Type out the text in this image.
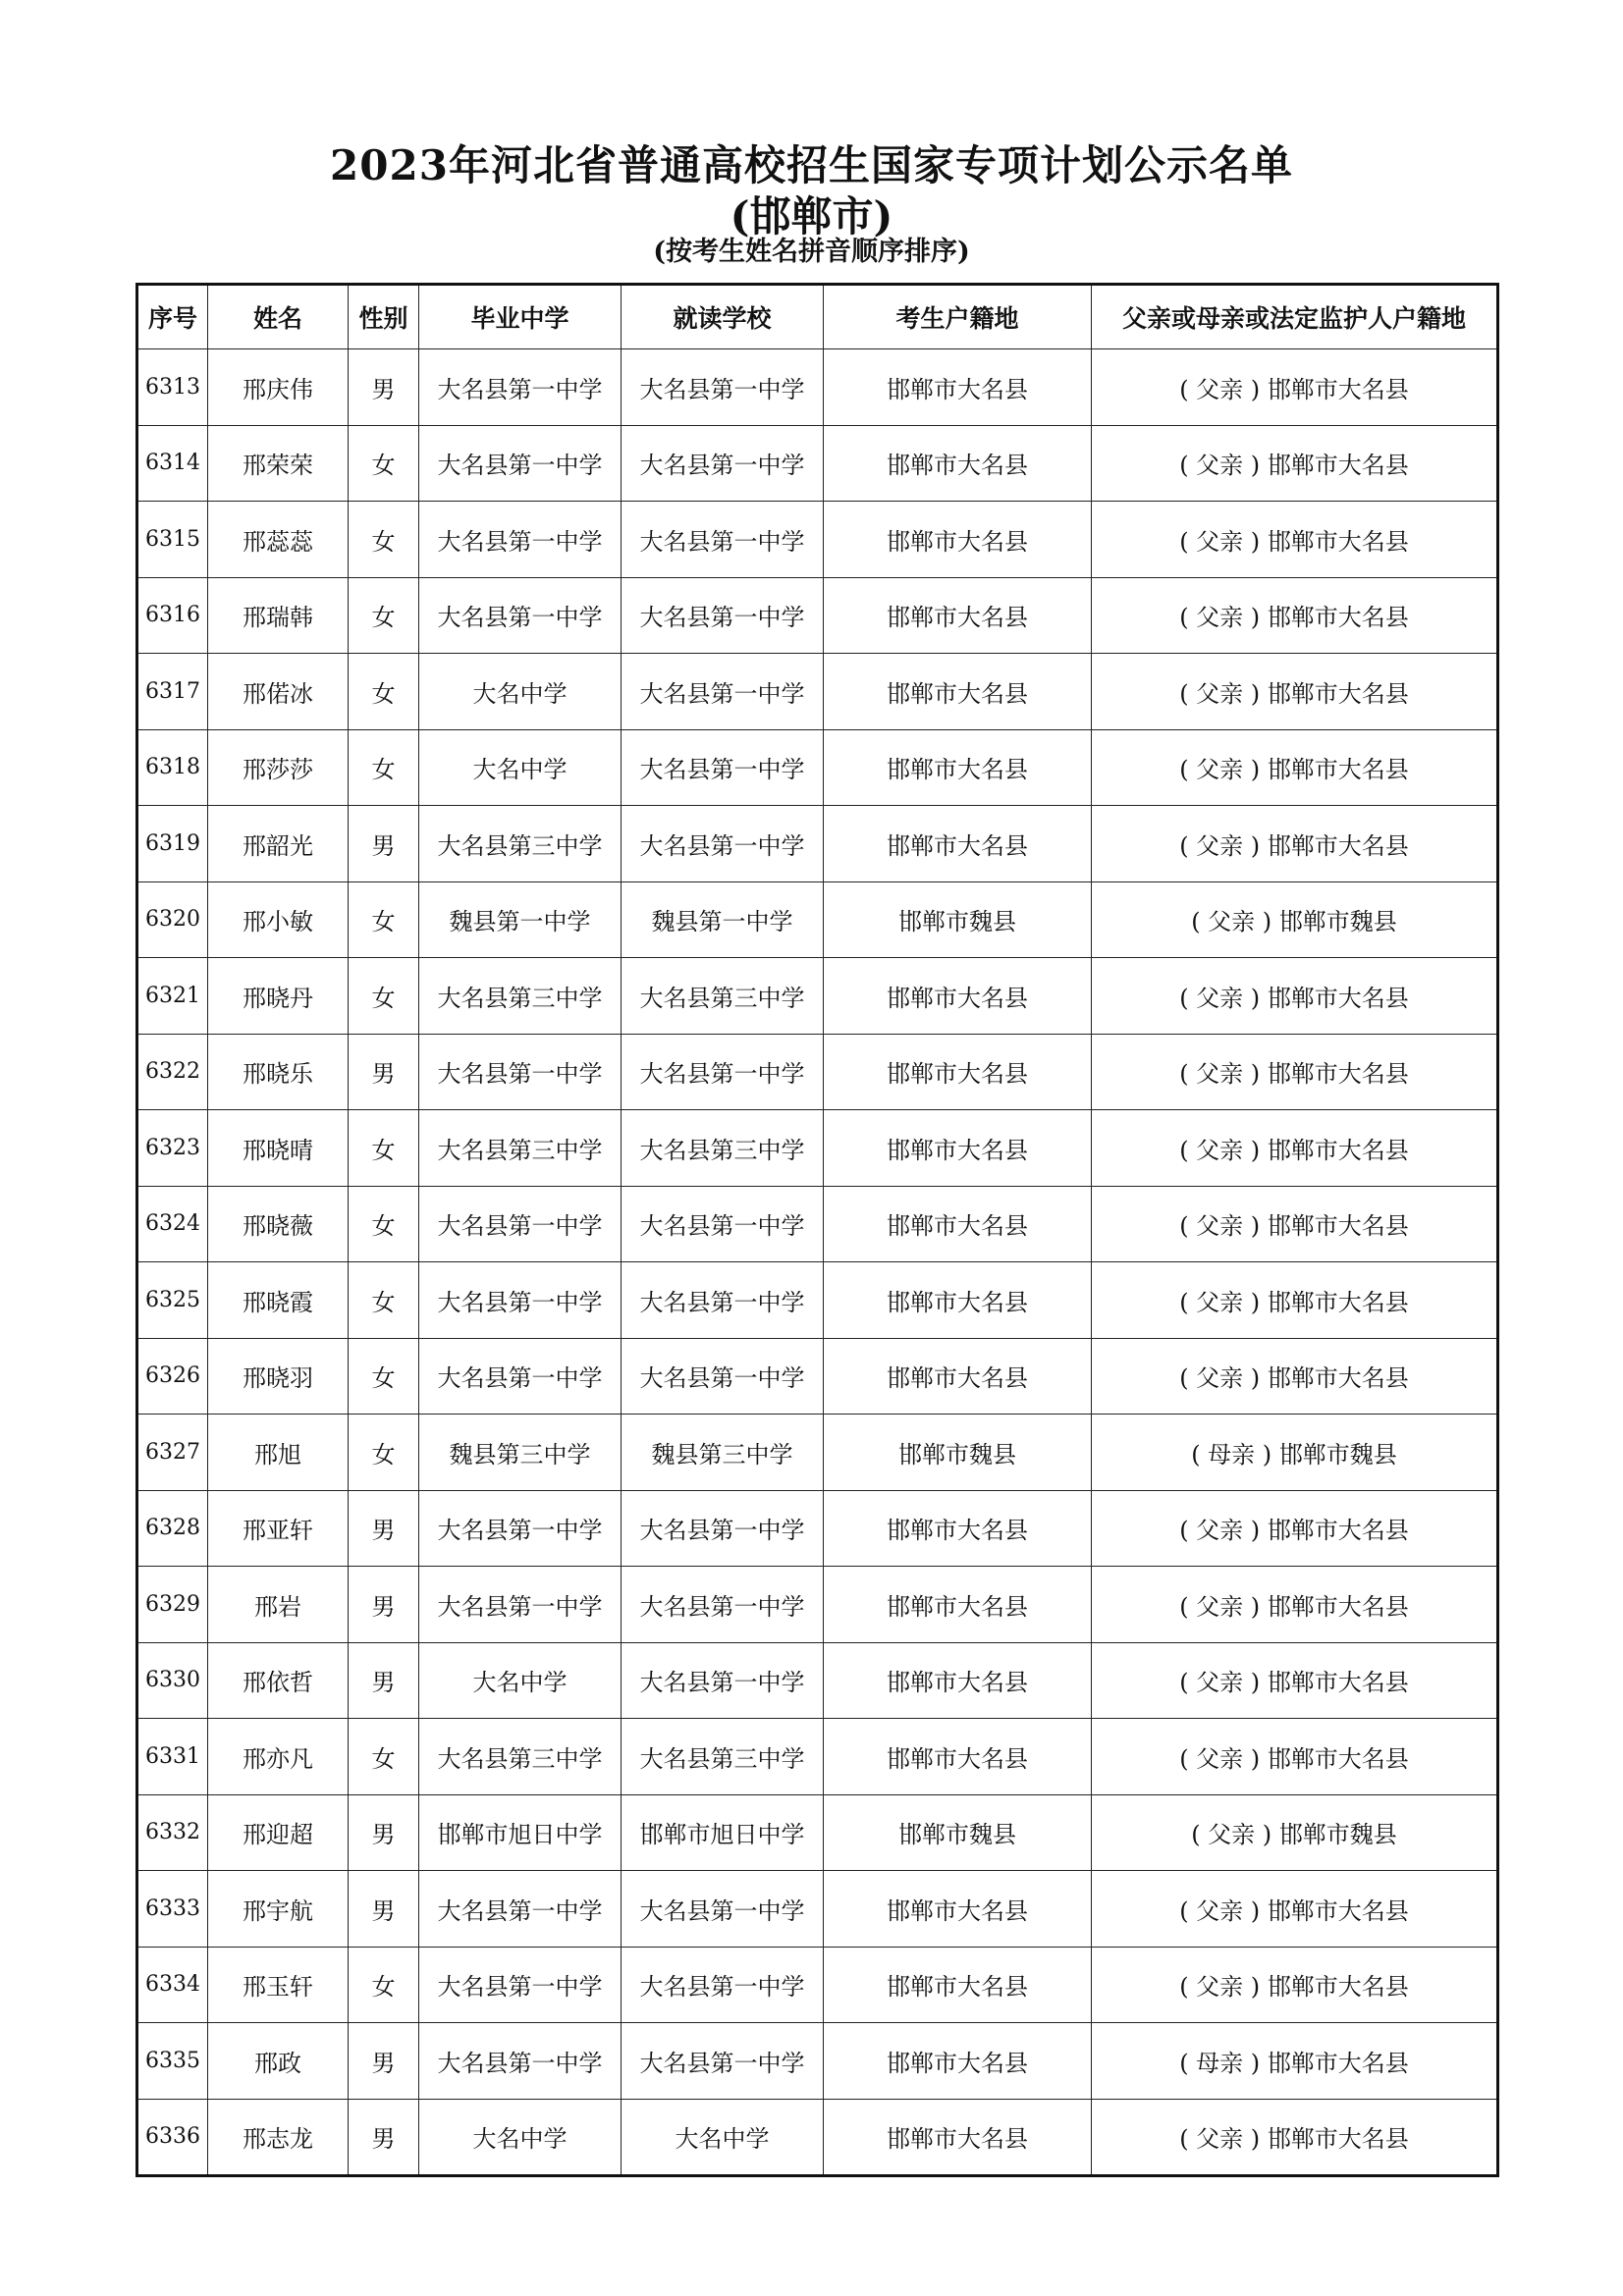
2023年河北省普通高校招生国家专项计划公示名单
(邯郸市)
(按考生姓名拼音顺序排序)
序号	姓名	性别	毕业中学	就读学校	考生户籍地	父亲或母亲或法定监护人户籍地
6313	邢庆伟	男	大名县第一中学	大名县第一中学	邯郸市大名县	( 父亲 ) 邯郸市大名县
6314	邢荣荣	女	大名县第一中学	大名县第一中学	邯郸市大名县	( 父亲 ) 邯郸市大名县
6315	邢蕊蕊	女	大名县第一中学	大名县第一中学	邯郸市大名县	( 父亲 ) 邯郸市大名县
6316	邢瑞韩	女	大名县第一中学	大名县第一中学	邯郸市大名县	( 父亲 ) 邯郸市大名县
6317	邢偌冰	女	大名中学	大名县第一中学	邯郸市大名县	( 父亲 ) 邯郸市大名县
6318	邢莎莎	女	大名中学	大名县第一中学	邯郸市大名县	( 父亲 ) 邯郸市大名县
6319	邢韶光	男	大名县第三中学	大名县第一中学	邯郸市大名县	( 父亲 ) 邯郸市大名县
6320	邢小敏	女	魏县第一中学	魏县第一中学	邯郸市魏县	( 父亲 ) 邯郸市魏县
6321	邢晓丹	女	大名县第三中学	大名县第三中学	邯郸市大名县	( 父亲 ) 邯郸市大名县
6322	邢晓乐	男	大名县第一中学	大名县第一中学	邯郸市大名县	( 父亲 ) 邯郸市大名县
6323	邢晓晴	女	大名县第三中学	大名县第三中学	邯郸市大名县	( 父亲 ) 邯郸市大名县
6324	邢晓薇	女	大名县第一中学	大名县第一中学	邯郸市大名县	( 父亲 ) 邯郸市大名县
6325	邢晓霞	女	大名县第一中学	大名县第一中学	邯郸市大名县	( 父亲 ) 邯郸市大名县
6326	邢晓羽	女	大名县第一中学	大名县第一中学	邯郸市大名县	( 父亲 ) 邯郸市大名县
6327	邢旭	女	魏县第三中学	魏县第三中学	邯郸市魏县	( 母亲 ) 邯郸市魏县
6328	邢亚轩	男	大名县第一中学	大名县第一中学	邯郸市大名县	( 父亲 ) 邯郸市大名县
6329	邢岩	男	大名县第一中学	大名县第一中学	邯郸市大名县	( 父亲 ) 邯郸市大名县
6330	邢依哲	男	大名中学	大名县第一中学	邯郸市大名县	( 父亲 ) 邯郸市大名县
6331	邢亦凡	女	大名县第三中学	大名县第三中学	邯郸市大名县	( 父亲 ) 邯郸市大名县
6332	邢迎超	男	邯郸市旭日中学	邯郸市旭日中学	邯郸市魏县	( 父亲 ) 邯郸市魏县
6333	邢宇航	男	大名县第一中学	大名县第一中学	邯郸市大名县	( 父亲 ) 邯郸市大名县
6334	邢玉轩	女	大名县第一中学	大名县第一中学	邯郸市大名县	( 父亲 ) 邯郸市大名县
6335	邢政	男	大名县第一中学	大名县第一中学	邯郸市大名县	( 母亲 ) 邯郸市大名县
6336	邢志龙	男	大名中学	大名中学	邯郸市大名县	( 父亲 ) 邯郸市大名县
